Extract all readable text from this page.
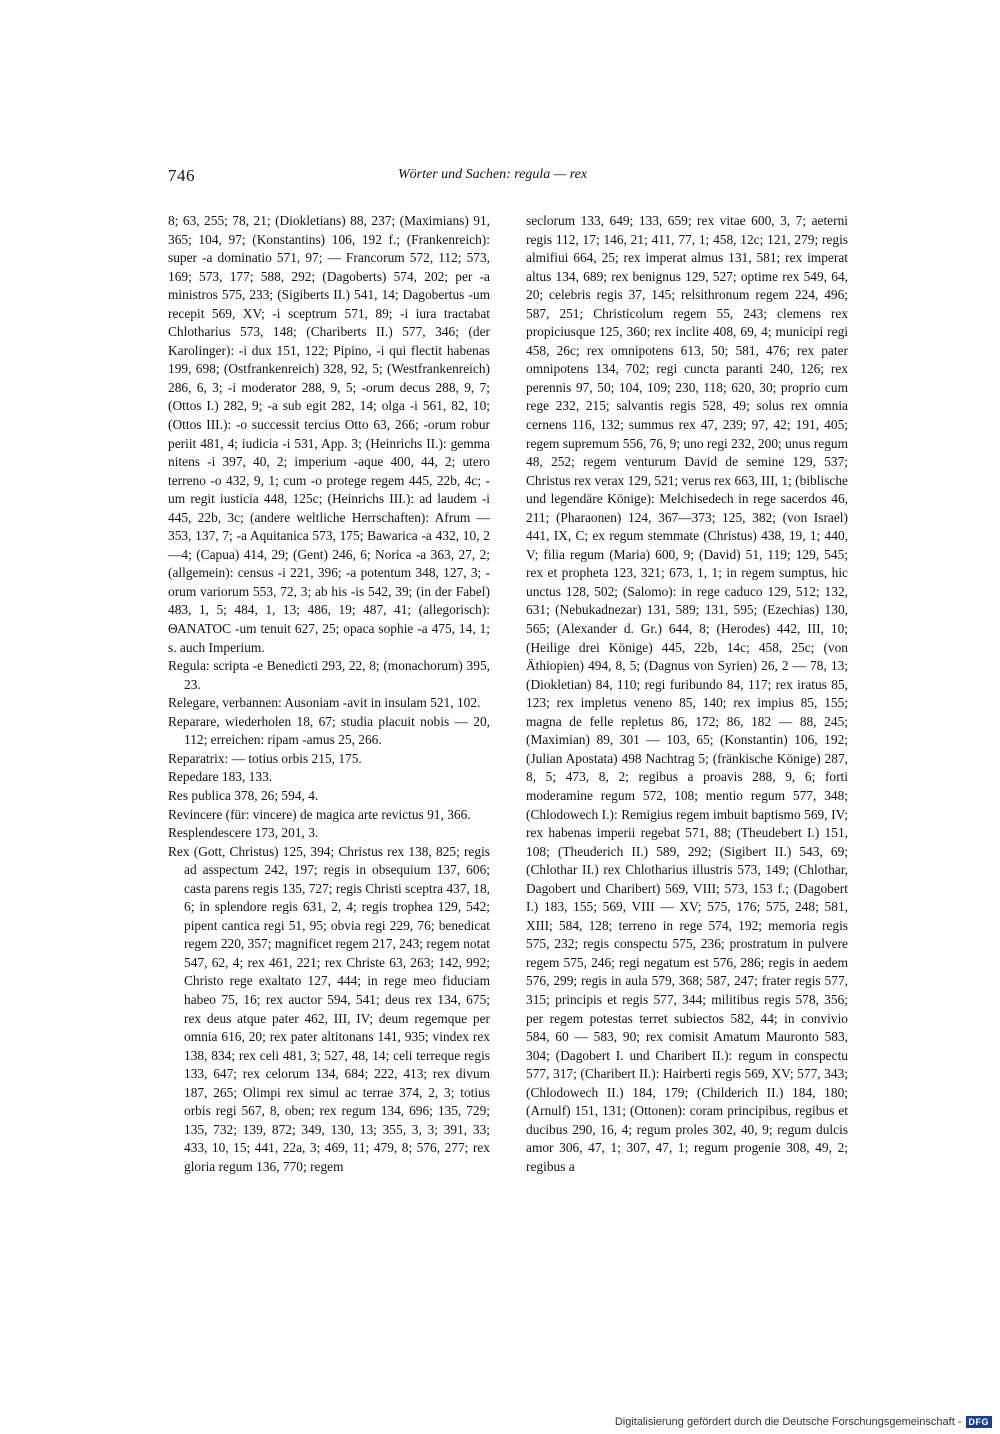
746	Wörter und Sachen: regula — rex

8; 63, 255; 78, 21; (Diokletians) 88, 237; (Maximians) 91, 365; 104, 97; (Konstantins) 106, 192 f.; (Frankenreich): super -a dominatio 571, 97; — Francorum 572, 112; 573, 169; 573, 177; 588, 292; (Dagoberts) 574, 202; per -a ministros 575, 233; (Sigiberts II.) 541, 14; Dagobertus -um recepit 569, XV; -i sceptrum 571, 89; -i iura tractabat Chlotharius 573, 148; (Chariberts II.) 577, 346; (der Karolinger): -i dux 151, 122; Pipino, -i qui flectit habenas 199, 698; (Ostfrankenreich) 328, 92, 5; (Westfrankenreich) 286, 6, 3; -i moderator 288, 9, 5; -orum decus 288, 9, 7; (Ottos I.) 282, 9; -a sub egit 282, 14; olga -i 561, 82, 10; (Ottos III.): -o successit tercius Otto 63, 266; -orum robur periit 481, 4; iudicia -i 531, App. 3; (Heinrichs II.): gemma nitens -i 397, 40, 2; imperium -aque 400, 44, 2; utero terreno -o 432, 9, 1; cum -o protege regem 445, 22b, 4c; -um regit iusticia 448, 125c; (Heinrichs III.): ad laudem -i 445, 22b, 3c; (andere weltliche Herrschaften): Afrum — 353, 137, 7; -a Aquitanica 573, 175; Bawarica -a 432, 10, 2—4; (Capua) 414, 29; (Gent) 246, 6; Norica -a 363, 27, 2; (allgemein): census -i 221, 396; -a potentum 348, 127, 3; -orum variorum 553, 72, 3; ab his -is 542, 39; (in der Fabel) 483, 1, 5; 484, 1, 13; 486, 19; 487, 41; (allegorisch): ΘΑΝΑΤΟC -um tenuit 627, 25; opaca sophie -a 475, 14, 1; s. auch Imperium.

Regula: scripta -e Benedicti 293, 22, 8; (monachorum) 395, 23.

Relegare, verbannen: Ausoniam -avit in insulam 521, 102.

Reparare, wiederholen 18, 67; studia placuit nobis — 20, 112; erreichen: ripam -amus 25, 266.

Reparatrix: — totius orbis 215, 175.

Repedare 183, 133.

Res publica 378, 26; 594, 4.

Revincere (für: vincere) de magica arte revictus 91, 366.

Resplendescere 173, 201, 3.

Rex (Gott, Christus) 125, 394; Christus rex 138, 825; regis ad asspectum 242, 197; regis in obsequium 137, 606; casta parens regis 135, 727; regis Christi sceptra 437, 18, 6; in splendore regis 631, 2, 4; regis trophea 129, 542; pipent cantica regi 51, 95; obvia regi 229, 76; benedicat regem 220, 357; magnificet regem 217, 243; regem notat 547, 62, 4; rex 461, 221; rex Christe 63, 263; 142, 992; Christo rege exaltato 127, 444; in rege meo fiduciam habeo 75, 16; rex auctor 594, 541; deus rex 134, 675; rex deus atque pater 462, III, IV; deum regemque per omnia 616, 20; rex pater altitonans 141, 935; vindex rex 138, 834; rex celi 481, 3; 527, 48, 14; celi terreque regis 133, 647; rex celorum 134, 684; 222, 413; rex divum 187, 265; Olimpi rex simul ac terrae 374, 2, 3; totius orbis regi 567, 8, oben; rex regum 134, 696; 135, 729; 135, 732; 139, 872; 349, 130, 13; 355, 3, 3; 391, 33; 433, 10, 15; 441, 22a, 3; 469, 11; 479, 8; 576, 277; rex gloria regum 136, 770; regem

seclorum 133, 649; 133, 659; rex vitae 600, 3, 7; aeterni regis 112, 17; 146, 21; 411, 77, 1; 458, 12c; 121, 279; regis almifiui 664, 25; rex imperat almus 131, 581; rex imperat altus 134, 689; rex benignus 129, 527; optime rex 549, 64, 20; celebris regis 37, 145; relsithronum regem 224, 496; 587, 251; Christicolum regem 55, 243; clemens rex propiciusque 125, 360; rex inclite 408, 69, 4; municipi regi 458, 26c; rex omnipotens 613, 50; 581, 476; rex pater omnipotens 134, 702; regi cuncta paranti 240, 126; rex perennis 97, 50; 104, 109; 230, 118; 620, 30; proprio cum rege 232, 215; salvantis regis 528, 49; solus rex omnia cernens 116, 132; summus rex 47, 239; 97, 42; 191, 405; regem supremum 556, 76, 9; uno regi 232, 200; unus regum 48, 252; regem venturum David de semine 129, 537; Christus rex verax 129, 521; verus rex 663, III, 1; (biblische und legendäre Könige): Melchisedech in rege sacerdos 46, 211; (Pharaonen) 124, 367—373; 125, 382; (von Israel) 441, IX, C; ex regum stemmate (Christus) 438, 19, 1; 440, V; filia regum (Maria) 600, 9; (David) 51, 119; 129, 545; rex et propheta 123, 321; 673, 1, 1; in regem sumptus, hic unctus 128, 502; (Salomo): in rege caduco 129, 512; 132, 631; (Nebukadnezar) 131, 589; 131, 595; (Ezechias) 130, 565; (Alexander d. Gr.) 644, 8; (Herodes) 442, III, 10; (Heilige drei Könige) 445, 22b, 14c; 458, 25c; (von Äthiopien) 494, 8, 5; (Dagnus von Syrien) 26, 2 — 78, 13; (Diokletian) 84, 110; regi furibundo 84, 117; rex iratus 85, 123; rex impletus veneno 85, 140; rex impius 85, 155; magna de felle repletus 86, 172; 86, 182 — 88, 245; (Maximian) 89, 301 — 103, 65; (Konstantin) 106, 192; (Julian Apostata) 498 Nachtrag 5; (fränkische Könige) 287, 8, 5; 473, 8, 2; regibus a proavis 288, 9, 6; forti moderamine regum 572, 108; mentio regum 577, 348; (Chlodowech I.): Remigius regem imbuit baptismo 569, IV; rex habenas imperii regebat 571, 88; (Theudebert I.) 151, 108; (Theuderich II.) 589, 292; (Sigibert II.) 543, 69; (Chlothar II.) rex Chlotharius illustris 573, 149; (Chlothar, Dagobert und Charibert) 569, VIII; 573, 153 f.; (Dagobert I.) 183, 155; 569, VIII — XV; 575, 176; 575, 248; 581, XIII; 584, 128; terreno in rege 574, 192; memoria regis 575, 232; regis conspectu 575, 236; prostratum in pulvere regem 575, 246; regi negatum est 576, 286; regis in aedem 576, 299; regis in aula 579, 368; 587, 247; frater regis 577, 315; principis et regis 577, 344; militibus regis 578, 356; per regem potestas terret subiectos 582, 44; in convivio 584, 60 — 583, 90; rex comisit Amatum Mauronto 583, 304; (Dagobert I. und Charibert II.): regum in conspectu 577, 317; (Charibert II.): Hairberti regis 569, XV; 577, 343; (Chlodowech II.) 184, 179; (Childerich II.) 184, 180; (Arnulf) 151, 131; (Ottonen): coram principibus, regibus et ducibus 290, 16, 4; regum proles 302, 40, 9; regum dulcis amor 306, 47, 1; 307, 47, 1; regum progenie 308, 49, 2; regibus a

Digitalisierung gefördert durch die Deutsche Forschungsgemeinschaft - DFG
